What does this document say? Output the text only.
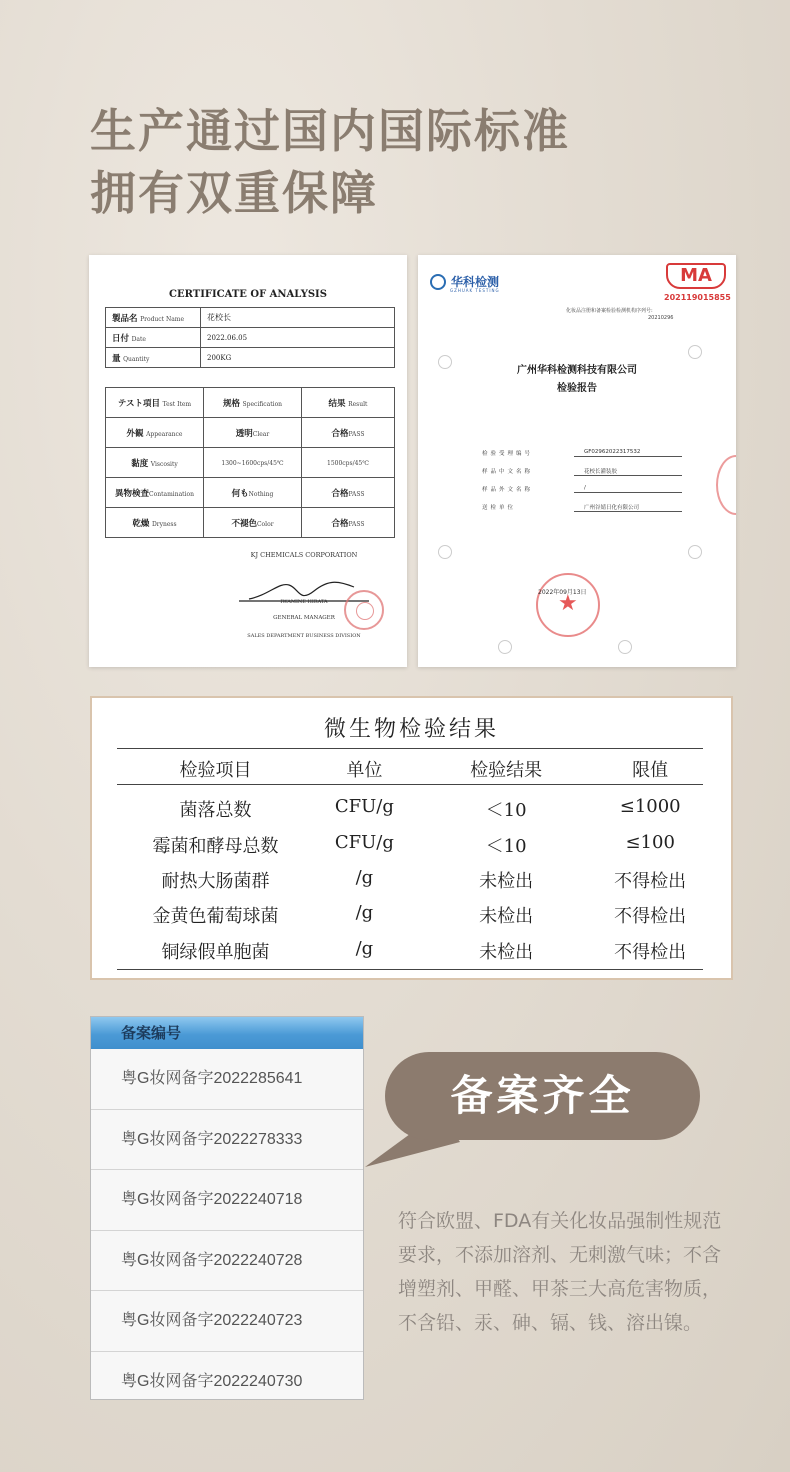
生产通过国内国际标准
拥有双重保障
CERTIFICATE OF ANALYSIS
製品名 Product Name	花校长
日付 Date	2022.06.05
量 Quantity	200KG
テスト項目 Test Item	规格 Specification	结果 Result
外観 Appearance	透明Clear	合格PASS
黏度 Viscosity	1300~1600cps/45℃	1500cps/45℃
異物検査Contamination	何もNothing	合格PASS
乾燥 Dryness	不褪色Color	合格PASS
KJ CHEMICALS CORPORATION
IWAMINE HIRATA
GENERAL MANAGER
SALES DEPARTMENT BUSINESS DIVISION
华科检测
GZHUAK TESTING
MA
202119015855
化妆品注册和备案检验检测机构序列号:
20210296
广州华科检测科技有限公司
检验报告
检验受理编号	GF02962022317532
样品中文名称	花校长灌装胶
样品外文名称	/
送检单位	广州谷婧日化有限公司
★
2022年09月13日
微生物检验结果
检验项目	单位	检验结果	限值
菌落总数	CFU/g	＜10	≤1000
霉菌和酵母总数	CFU/g	＜10	≤100
耐热大肠菌群	/g	未检出	不得检出
金黄色葡萄球菌	/g	未检出	不得检出
铜绿假单胞菌	/g	未检出	不得检出
备案编号
粤G妆网备字2022285641
粤G妆网备字2022278333
粤G妆网备字2022240718
粤G妆网备字2022240728
粤G妆网备字2022240723
粤G妆网备字2022240730
备案齐全
符合欧盟、FDA有关化妆品强制性规范要求，不添加溶剂、无刺激气味；不含增塑剂、甲醛、甲茶三大高危害物质，不含铅、汞、砷、镉、钱、溶出镍。
